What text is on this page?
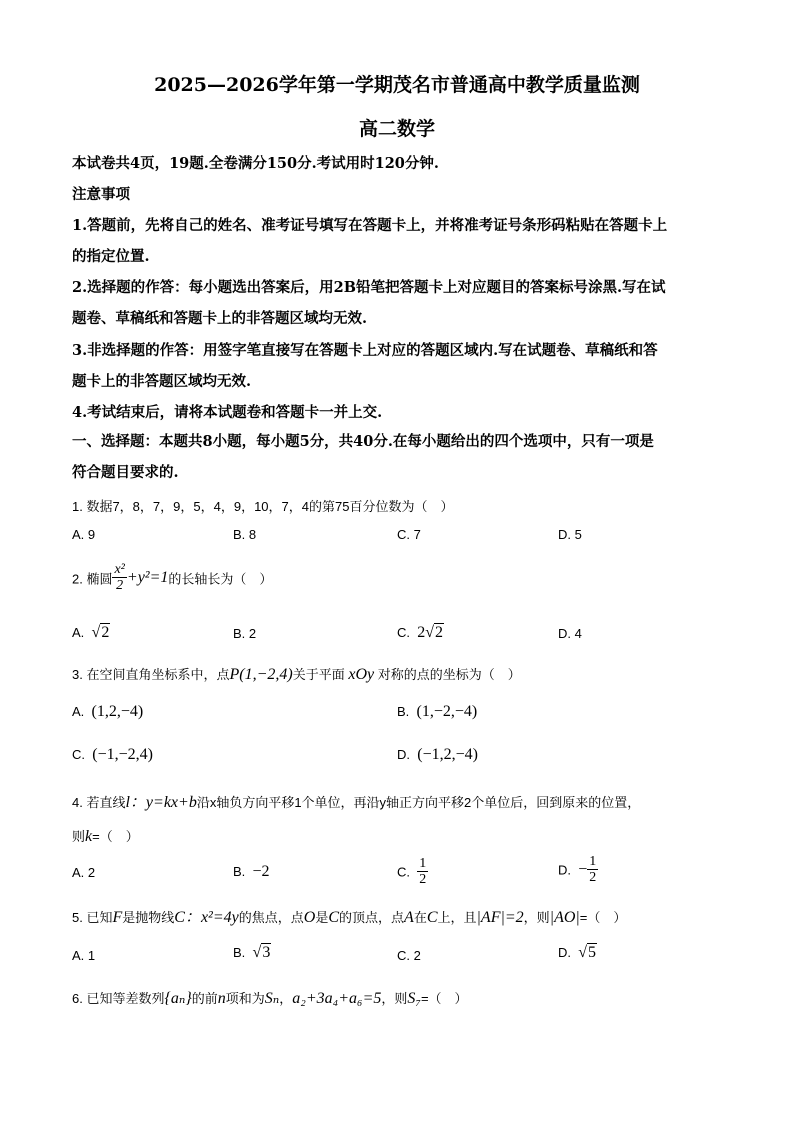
2025—2026学年第一学期茂名市普通高中教学质量监测
高二数学
本试卷共4页，19题.全卷满分150分.考试用时120分钟.
注意事项
1.答题前，先将自己的姓名、准考证号填写在答题卡上，并将准考证号条形码粘贴在答题卡上
的指定位置.
2.选择题的作答：每小题选出答案后，用2B铅笔把答题卡上对应题目的答案标号涂黑.写在试
题卷、草稿纸和答题卡上的非答题区域均无效.
3.非选择题的作答：用签字笔直接写在答题卡上对应的答题区域内.写在试题卷、草稿纸和答
题卡上的非答题区域均无效.
4.考试结束后，请将本试题卷和答题卡一并上交.
一、选择题：本题共8小题，每小题5分，共40分.在每小题给出的四个选项中，只有一项是
符合题目要求的.
1. 数据7，8，7，9，5，4，9，10，7，4的第75百分位数为（　）
A. 9	B. 8	C. 7	D. 5
2. 椭圆 $\frac{\text{x²}}{2} +y^2=1$的长轴长为（　）
A. √2	B. 2	C. 2√2	D. 4
3. 在空间直角坐标系中，点P(1,−2,4)关于平面 xOy 对称的点的坐标为（　）
A. (1,2,−4)	B. (1,−2,−4)
C. (−1,−2,4)	D. (−1,2,−4)
4. 若直线l：y=kx+b沿x轴负方向平移1个单位，再沿y轴正方向平移2个单位后，回到原来的位置，
则k=（　）
A. 2	B. −2	C. $\frac{1}{2}$	D. − $\frac{1}{2}$
5. 已知F是抛物线C：x²=4y的焦点，点O是C的顶点，点A在C上，且|AF|=2，则|AO|=（　）
A. 1	B. √3	C. 2	D. √5
6. 已知等差数列{aₙ}的前n项和为Sₙ，a₂+3a₄+a₆=5，则S₇=（　）
